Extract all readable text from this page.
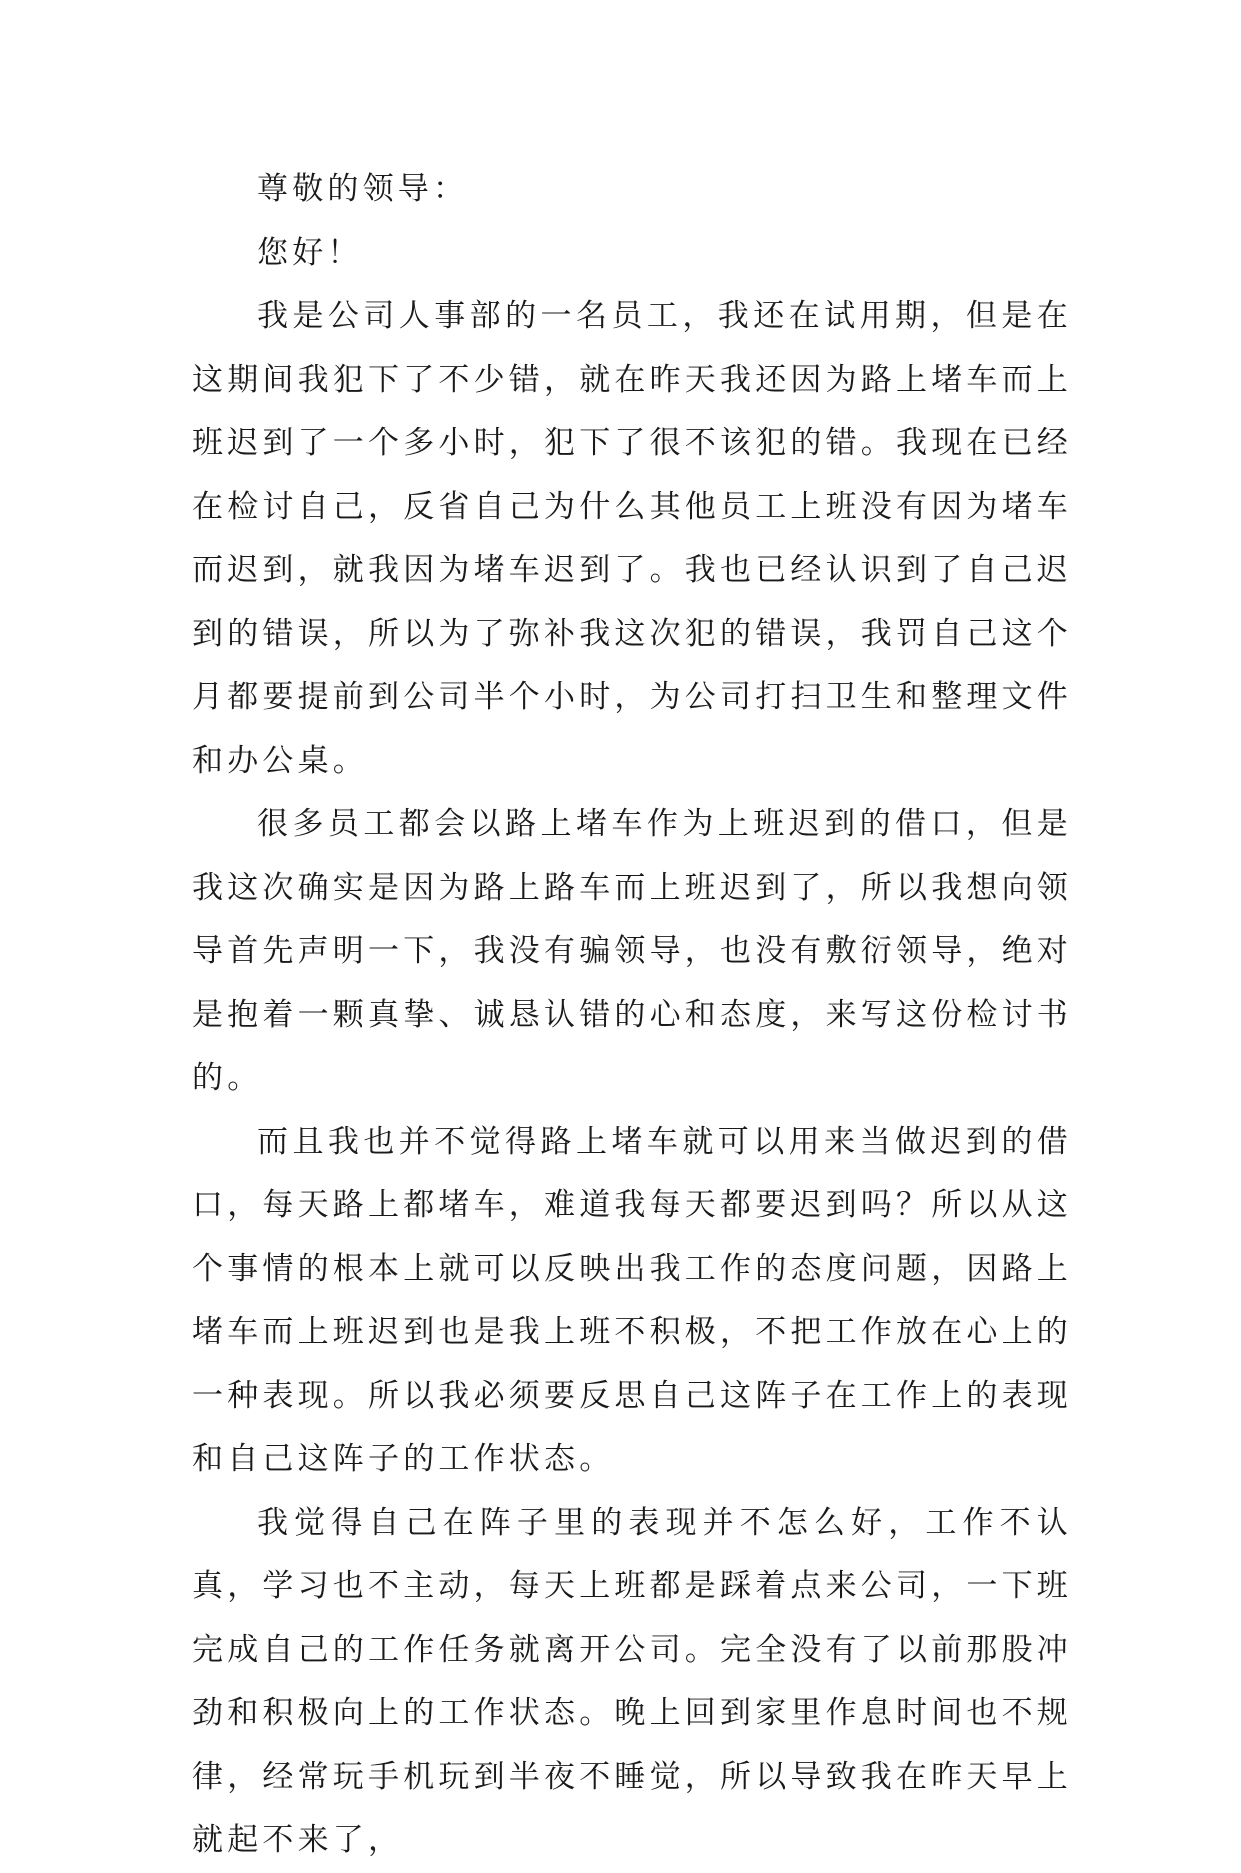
尊敬的领导：

您好！

我是公司人事部的一名员工，我还在试用期，但是在这期间我犯下了不少错，就在昨天我还因为路上堵车而上班迟到了一个多小时，犯下了很不该犯的错。我现在已经在检讨自己，反省自己为什么其他员工上班没有因为堵车而迟到，就我因为堵车迟到了。我也已经认识到了自己迟到的错误，所以为了弥补我这次犯的错误，我罚自己这个月都要提前到公司半个小时，为公司打扫卫生和整理文件和办公桌。

很多员工都会以路上堵车作为上班迟到的借口，但是我这次确实是因为路上路车而上班迟到了，所以我想向领导首先声明一下，我没有骗领导，也没有敷衍领导，绝对是抱着一颗真挚、诚恳认错的心和态度，来写这份检讨书的。

而且我也并不觉得路上堵车就可以用来当做迟到的借口，每天路上都堵车，难道我每天都要迟到吗？所以从这个事情的根本上就可以反映出我工作的态度问题，因路上堵车而上班迟到也是我上班不积极，不把工作放在心上的一种表现。所以我必须要反思自己这阵子在工作上的表现和自己这阵子的工作状态。

我觉得自己在阵子里的表现并不怎么好，工作不认真，学习也不主动，每天上班都是踩着点来公司，一下班完成自己的工作任务就离开公司。完全没有了以前那股冲劲和积极向上的工作状态。晚上回到家里作息时间也不规律，经常玩手机玩到半夜不睡觉，所以导致我在昨天早上就起不来了，
